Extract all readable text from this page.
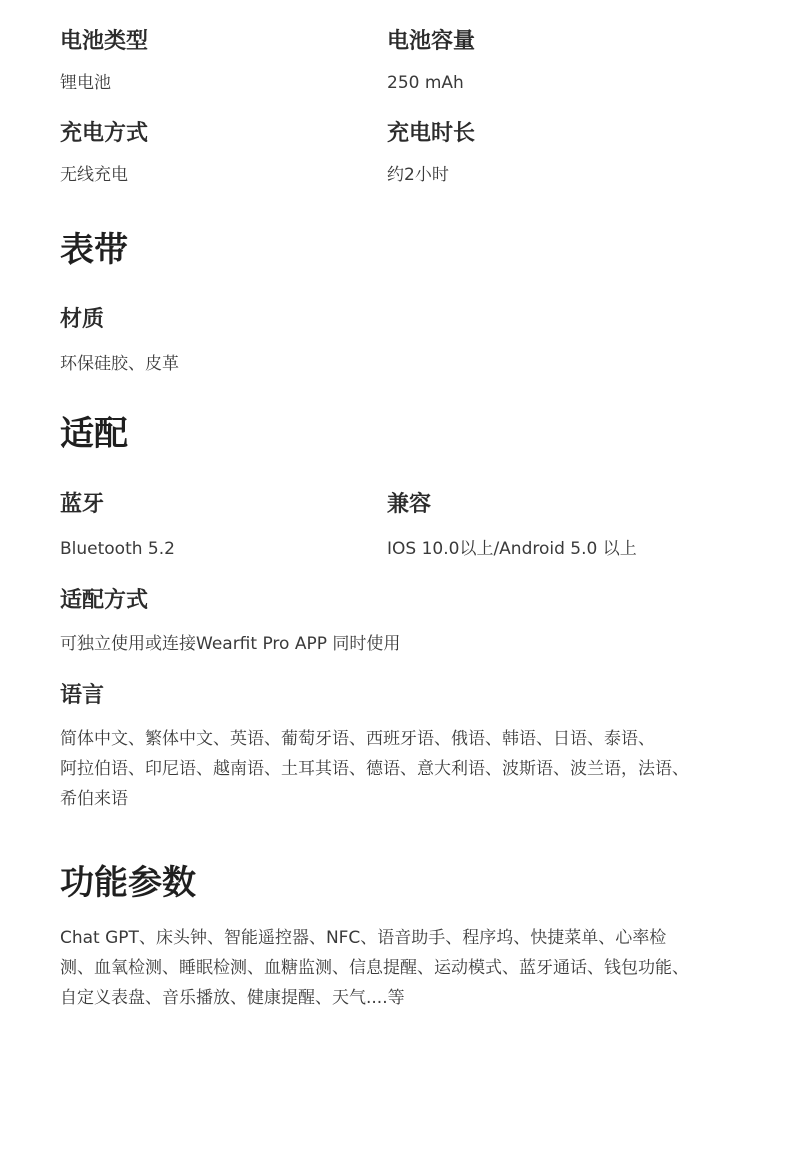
电池类型
锂电池
电池容量
250 mAh
充电方式
无线充电
充电时长
约2小时
表带
材质
环保硅胶、皮革
适配
蓝牙
Bluetooth 5.2
兼容
IOS 10.0以上/Android 5.0 以上
适配方式
可独立使用或连接Wearfit Pro APP 同时使用
语言
简体中文、繁体中文、英语、葡萄牙语、西班牙语、俄语、韩语、日语、泰语、
阿拉伯语、印尼语、越南语、土耳其语、德语、意大利语、波斯语、波兰语，法语、
希伯来语
功能参数
Chat GPT、床头钟、智能遥控器、NFC、语音助手、程序坞、快捷菜单、心率检
测、血氧检测、睡眠检测、血糖监测、信息提醒、运动模式、蓝牙通话、钱包功能、
自定义表盘、音乐播放、健康提醒、天气....等
